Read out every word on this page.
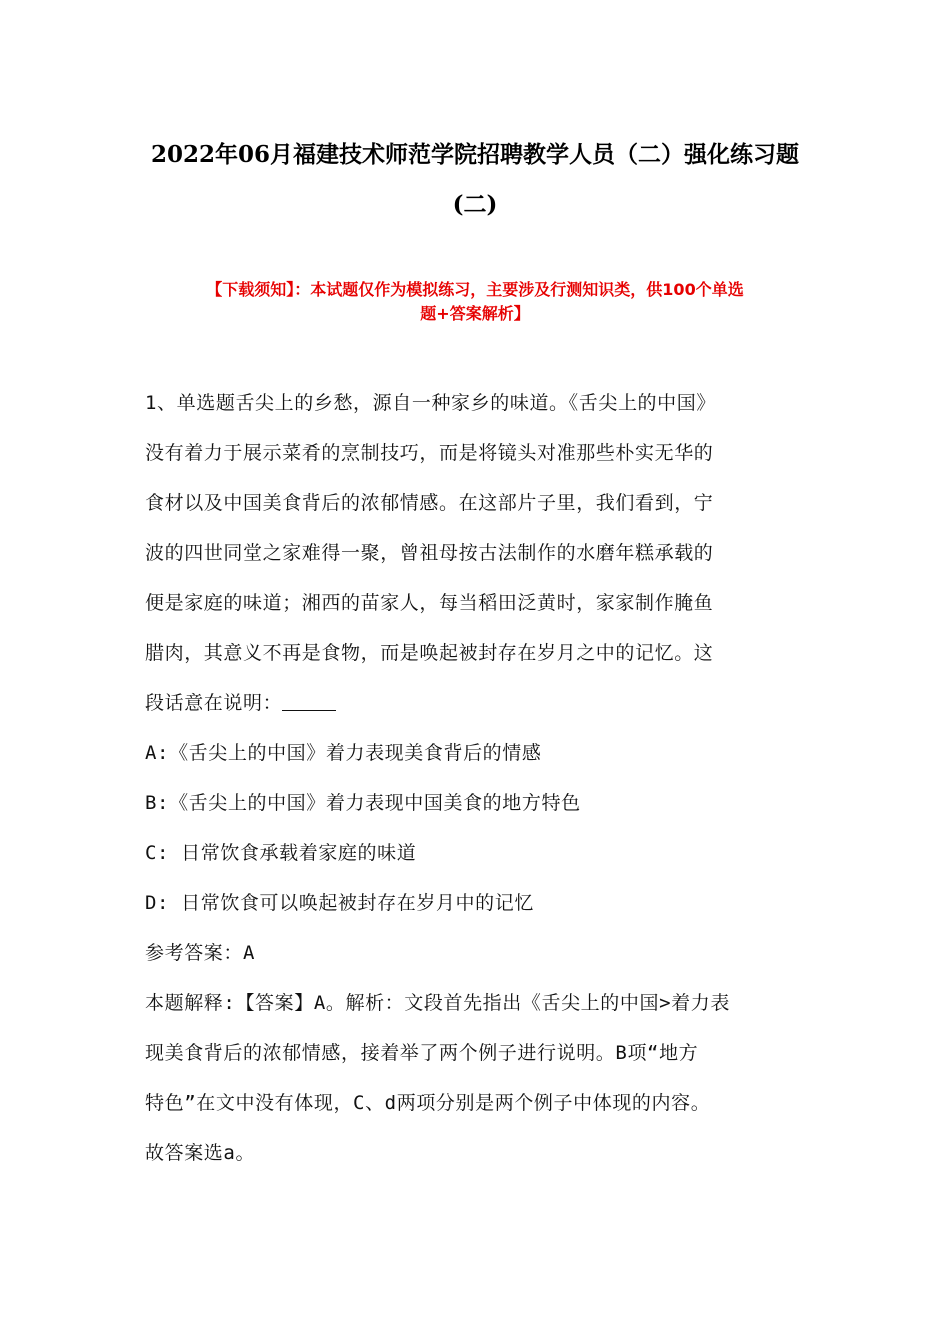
2022年06月福建技术师范学院招聘教学人员（二）强化练习题
(二)
【下载须知】：本试题仅作为模拟练习，主要涉及行测知识类，供100个单选
题+答案解析】
1、单选题舌尖上的乡愁，源自一种家乡的味道。《舌尖上的中国》
没有着力于展示菜肴的烹制技巧，而是将镜头对准那些朴实无华的
食材以及中国美食背后的浓郁情感。在这部片子里，我们看到，宁
波的四世同堂之家难得一聚，曾祖母按古法制作的水磨年糕承载的
便是家庭的味道；湘西的苗家人，每当稻田泛黄时，家家制作腌鱼
腊肉，其意义不再是食物，而是唤起被封存在岁月之中的记忆。这
段话意在说明：
A:《舌尖上的中国》着力表现美食背后的情感
B:《舌尖上的中国》着力表现中国美食的地方特色
C: 日常饮食承载着家庭的味道
D: 日常饮食可以唤起被封存在岁月中的记忆
参考答案：A
本题解释:【答案】A。解析：文段首先指出《舌尖上的中国>着力表
现美食背后的浓郁情感，接着举了两个例子进行说明。B项“地方
特色”在文中没有体现，C、d两项分别是两个例子中体现的内容。
故答案选a。
